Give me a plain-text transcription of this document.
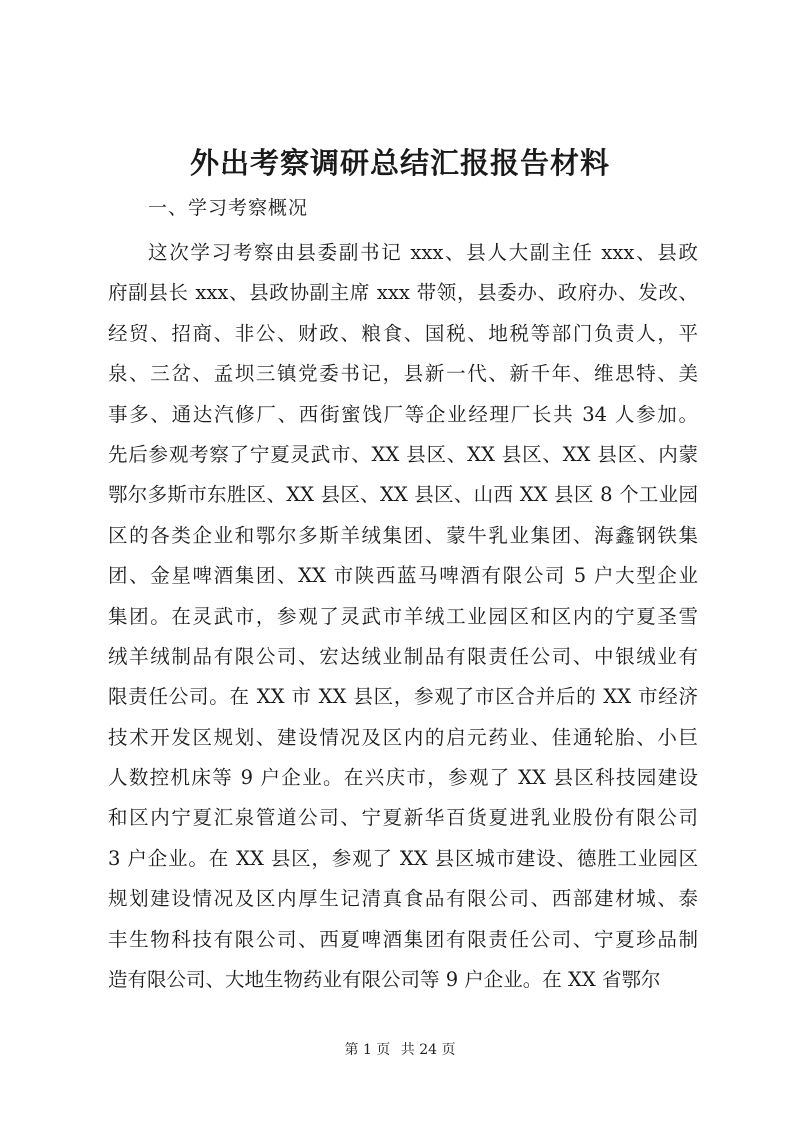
外出考察调研总结汇报报告材料

一、学习考察概况

这次学习考察由县委副书记 xxx、县人大副主任 xxx、县政
府副县长 xxx、县政协副主席 xxx 带领，县委办、政府办、发改、
经贸、招商、非公、财政、粮食、国税、地税等部门负责人，平
泉、三岔、孟坝三镇党委书记，县新一代、新千年、维思特、美
事多、通达汽修厂、西街蜜饯厂等企业经理厂长共 34 人参加。
先后参观考察了宁夏灵武市、XX 县区、XX 县区、XX 县区、内蒙
鄂尔多斯市东胜区、XX 县区、XX 县区、山西 XX 县区 8 个工业园
区的各类企业和鄂尔多斯羊绒集团、蒙牛乳业集团、海鑫钢铁集
团、金星啤酒集团、XX 市陕西蓝马啤酒有限公司 5 户大型企业
集团。在灵武市，参观了灵武市羊绒工业园区和区内的宁夏圣雪
绒羊绒制品有限公司、宏达绒业制品有限责任公司、中银绒业有
限责任公司。在 XX 市 XX 县区，参观了市区合并后的 XX 市经济
技术开发区规划、建设情况及区内的启元药业、佳通轮胎、小巨
人数控机床等 9 户企业。在兴庆市，参观了 XX 县区科技园建设
和区内宁夏汇泉管道公司、宁夏新华百货夏进乳业股份有限公司
3 户企业。在 XX 县区，参观了 XX 县区城市建设、德胜工业园区
规划建设情况及区内厚生记清真食品有限公司、西部建材城、泰
丰生物科技有限公司、西夏啤酒集团有限责任公司、宁夏珍品制
造有限公司、大地生物药业有限公司等 9 户企业。在 XX 省鄂尔
第 1 页 共 24 页
